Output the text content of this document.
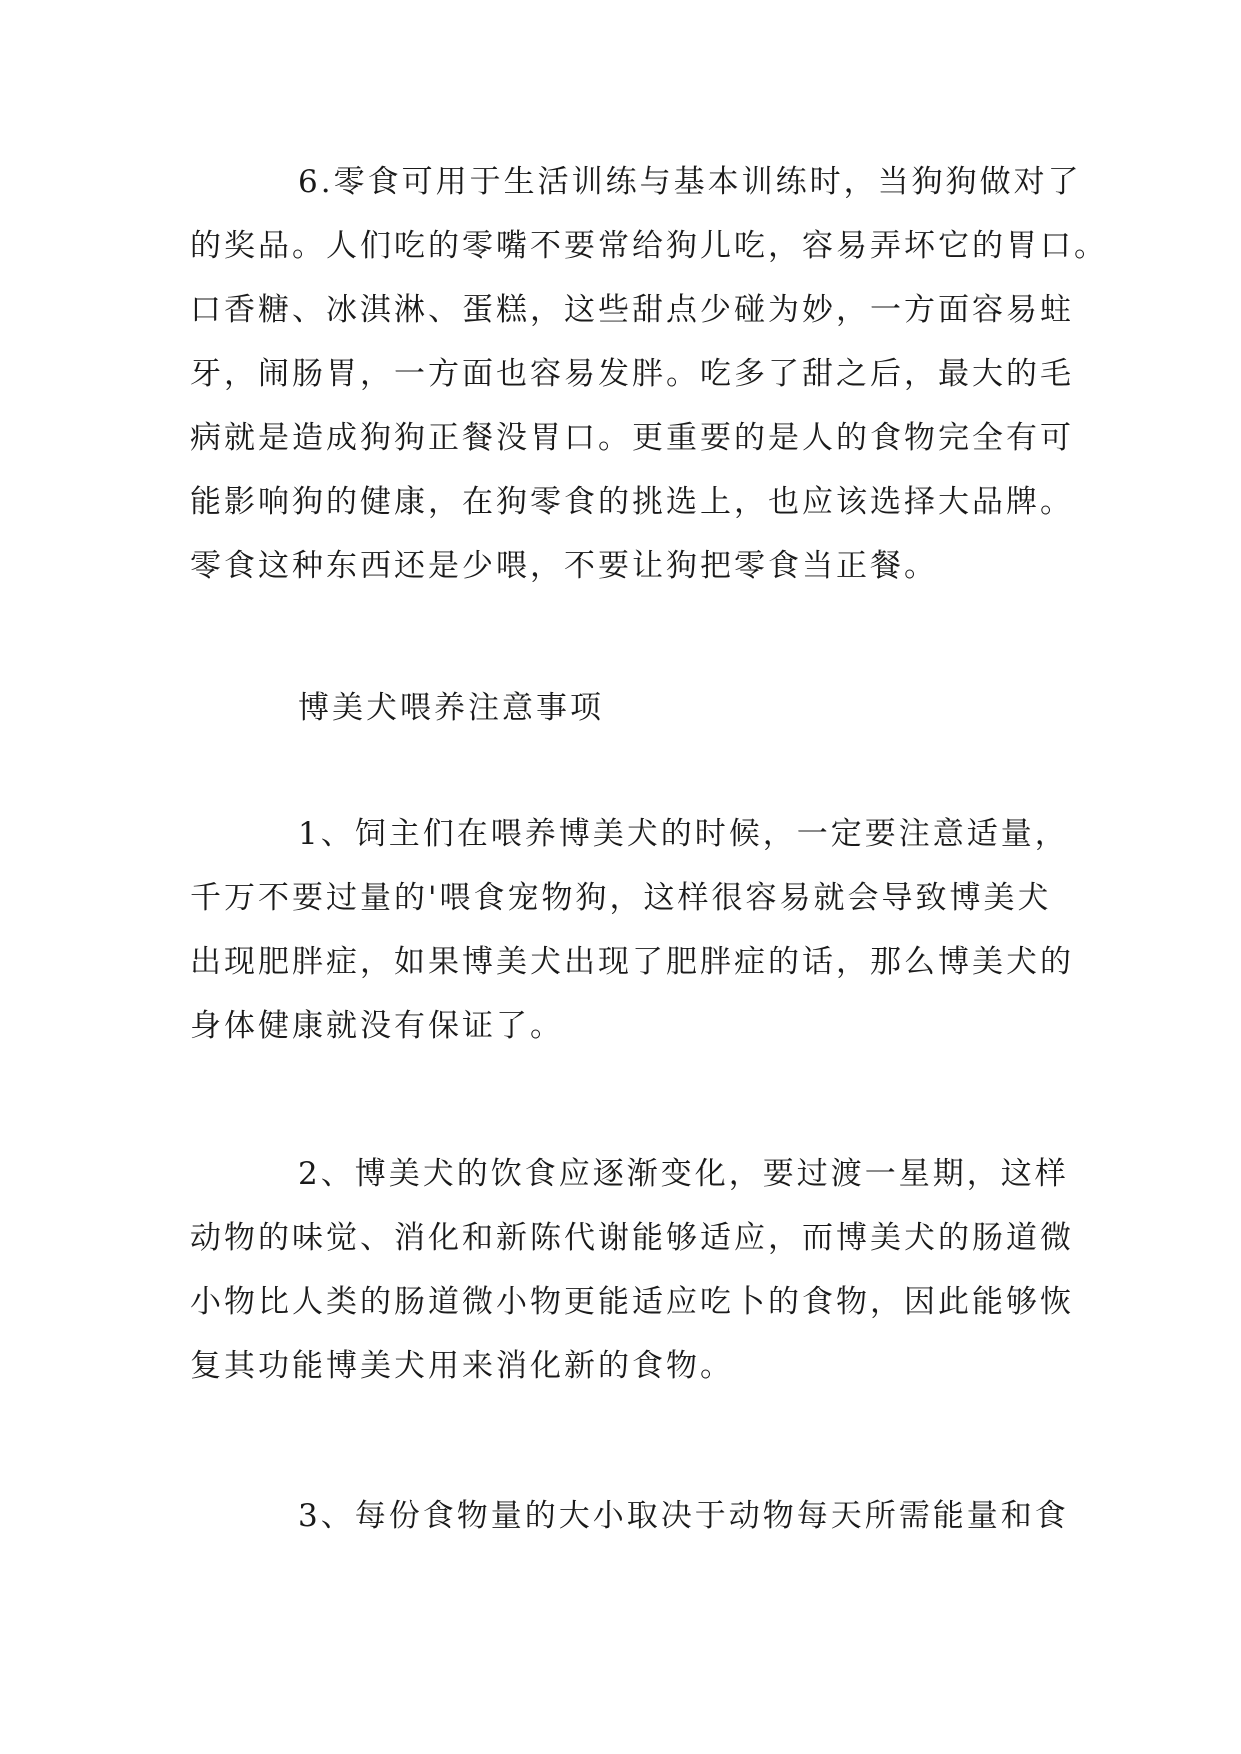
6.零食可用于生活训练与基本训练时，当狗狗做对了
的奖品。人们吃的零嘴不要常给狗儿吃，容易弄坏它的胃口。
口香糖、冰淇淋、蛋糕，这些甜点少碰为妙，一方面容易蛀
牙，闹肠胃，一方面也容易发胖。吃多了甜之后，最大的毛
病就是造成狗狗正餐没胃口。更重要的是人的食物完全有可
能影响狗的健康，在狗零食的挑选上，也应该选择大品牌。
零食这种东西还是少喂，不要让狗把零食当正餐。
博美犬喂养注意事项
1、饲主们在喂养博美犬的时候，一定要注意适量，
千万不要过量的'喂食宠物狗，这样很容易就会导致博美犬
出现肥胖症，如果博美犬出现了肥胖症的话，那么博美犬的
身体健康就没有保证了。
2、博美犬的饮食应逐渐变化，要过渡一星期，这样
动物的味觉、消化和新陈代谢能够适应，而博美犬的肠道微
小物比人类的肠道微小物更能适应吃卜的食物，因此能够恢
复其功能博美犬用来消化新的食物。
3、每份食物量的大小取决于动物每天所需能量和食
